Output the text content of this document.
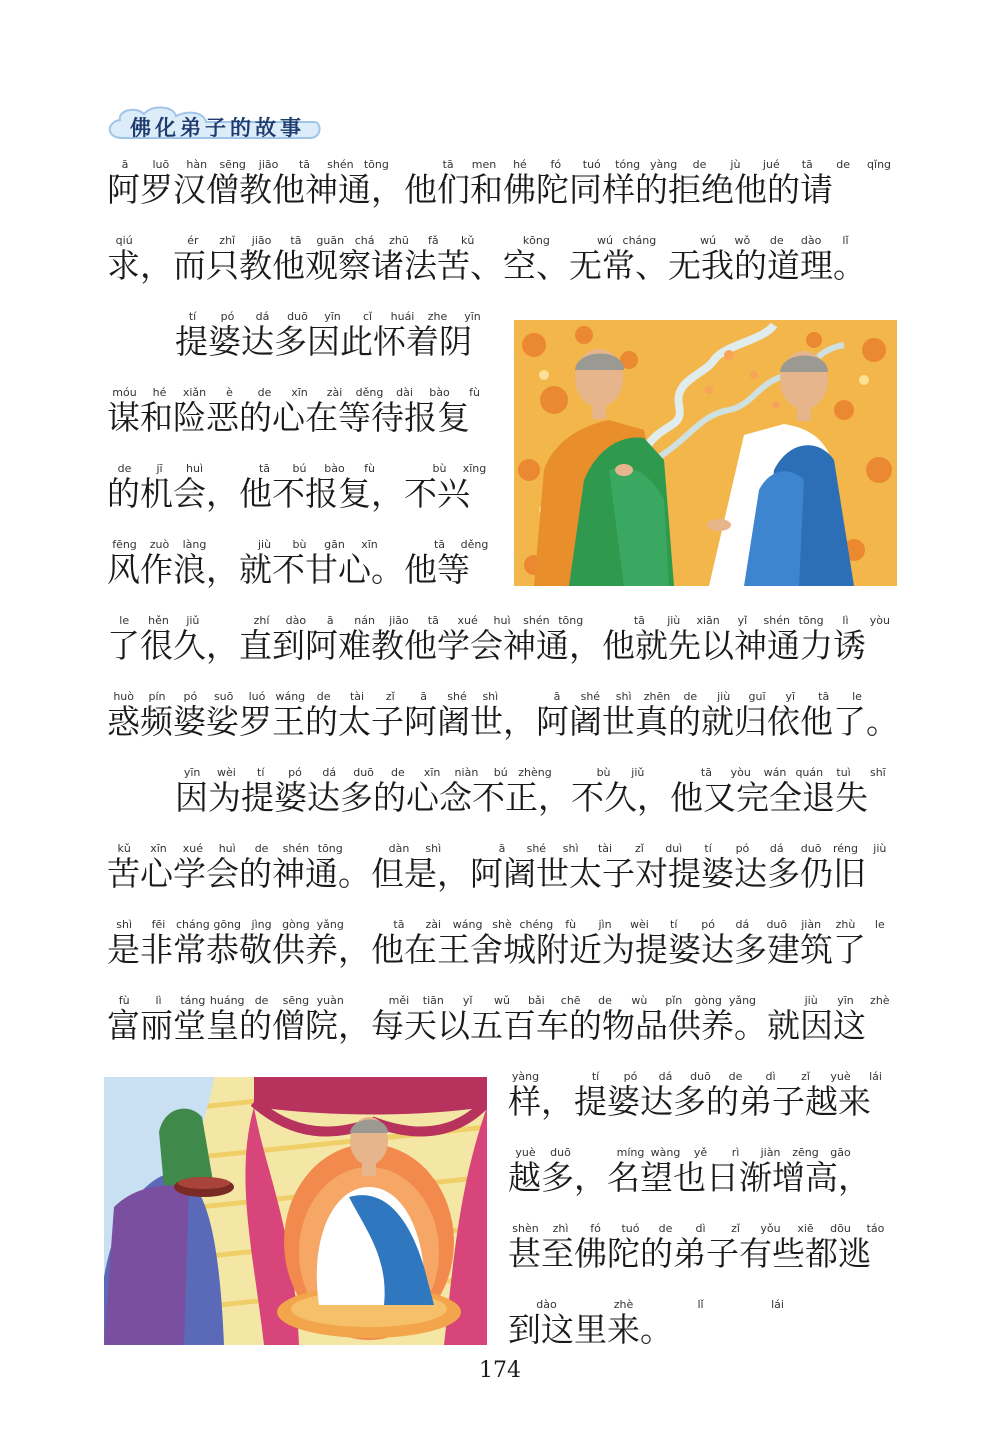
佛化弟子的故事
ā luō hàn sēng jiāo tā shén tōng	tā men hé fó tuó tóng yàng de jù jué tā de qǐng
阿罗汉僧教他神通，他们和佛陀同样的拒绝他的请
qiú	ér zhǐ jiāo tā guān chá zhū fǎ kǔ	kōng	wú cháng	wú wǒ de dào lǐ
求，而只教他观察诸法苦、空、无常、无我的道理。
tí pó dá duō yīn cǐ huái zhe yīn
提婆达多因此怀着阴
móu hé xiǎn è de xīn zài děng dài bào fù
谋和险恶的心在等待报复
de jī huì	tā bú bào fù	bù xīng
的机会，他不报复，不兴
fēng zuò làng	jiù bù gān xīn	tā děng
风作浪，就不甘心。他等
le hěn jiǔ	zhí dào ā nán jiāo tā xué huì shén tōng	tā jiù xiān yǐ shén tōng lì yòu
了很久，直到阿难教他学会神通，他就先以神通力诱
huò pín pó suō luó wáng de tài zǐ ā shé shì	ā shé shì zhēn de jiù guī yī tā le
惑频婆娑罗王的太子阿阇世，阿阇世真的就归依他了。
yīn wèi tí pó dá duō de xīn niàn bú zhèng	bù jiǔ	tā yòu wán quán tuì shī
因为提婆达多的心念不正，不久，他又完全退失
kǔ xīn xué huì de shén tōng	dàn shì	ā shé shì tài zǐ duì tí pó dá duō réng jiù
苦心学会的神通。但是，阿阇世太子对提婆达多仍旧
shì fēi cháng gōng jìng gòng yǎng	tā zài wáng shè chéng fù jìn wèi tí pó dá duō jiàn zhù le
是非常恭敬供养，他在王舍城附近为提婆达多建筑了
fù lì táng huáng de sēng yuàn	měi tiān yǐ wǔ bǎi chē de wù pǐn gòng yǎng	jiù yīn zhè
富丽堂皇的僧院，每天以五百车的物品供养。就因这
yàng	tí pó dá duō de dì zǐ yuè lái
样，提婆达多的弟子越来
yuè duō	míng wàng yě rì jiàn zēng gāo
越多，名望也日渐增高，
shèn zhì fó tuó de dì zǐ yǒu xiē dōu táo
甚至佛陀的弟子有些都逃
dào	zhè	lǐ	lái
到这里来。
174
